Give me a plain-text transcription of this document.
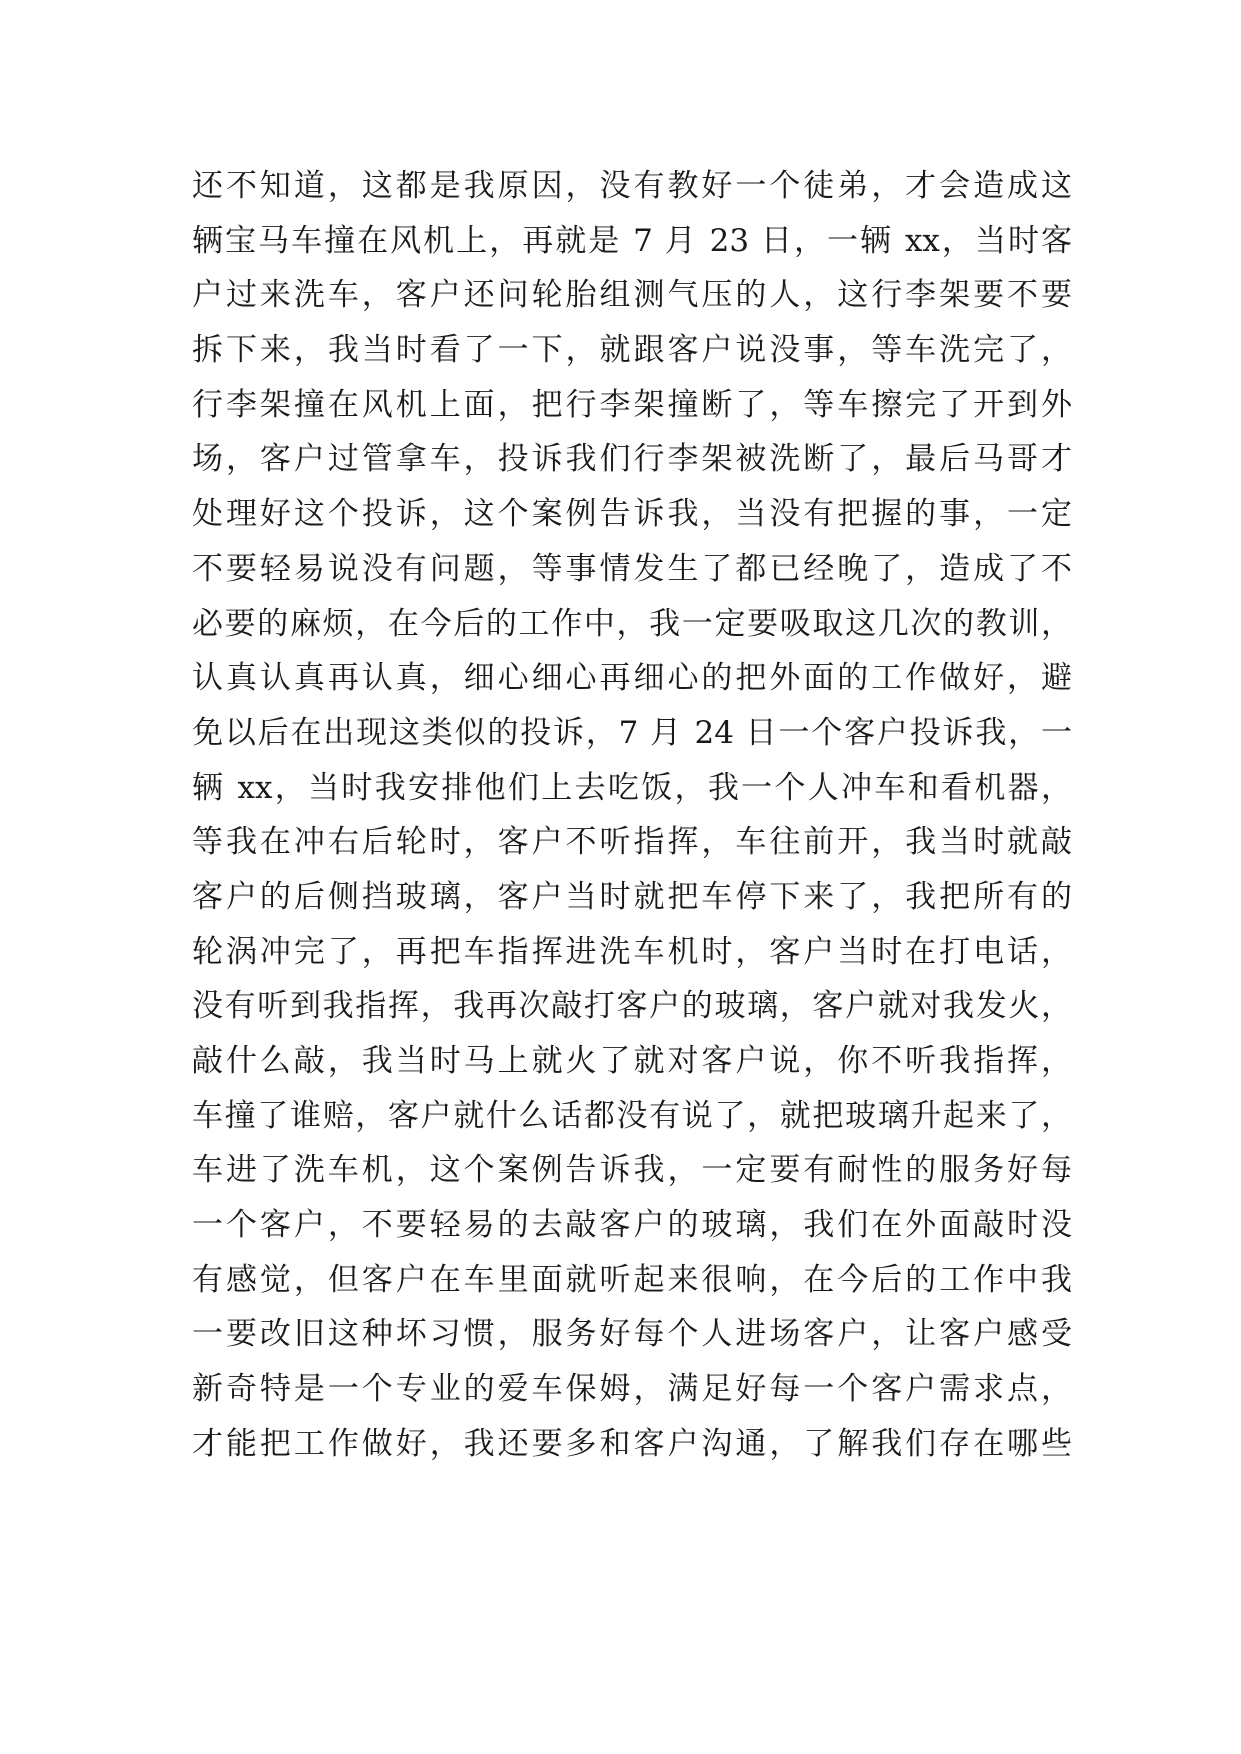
还不知道，这都是我原因，没有教好一个徒弟，才会造成这
辆宝马车撞在风机上，再就是 7 月 23 日，一辆 xx，当时客
户过来洗车，客户还问轮胎组测气压的人，这行李架要不要
拆下来，我当时看了一下，就跟客户说没事，等车洗完了，
行李架撞在风机上面，把行李架撞断了，等车擦完了开到外
场，客户过管拿车，投诉我们行李架被洗断了，最后马哥才
处理好这个投诉，这个案例告诉我，当没有把握的事，一定
不要轻易说没有问题，等事情发生了都已经晚了，造成了不
必要的麻烦，在今后的工作中，我一定要吸取这几次的教训，
认真认真再认真，细心细心再细心的把外面的工作做好，避
免以后在出现这类似的投诉，7 月 24 日一个客户投诉我，一
辆 xx，当时我安排他们上去吃饭，我一个人冲车和看机器，
等我在冲右后轮时，客户不听指挥，车往前开，我当时就敲
客户的后侧挡玻璃，客户当时就把车停下来了，我把所有的
轮涡冲完了，再把车指挥进洗车机时，客户当时在打电话，
没有听到我指挥，我再次敲打客户的玻璃，客户就对我发火，
敲什么敲，我当时马上就火了就对客户说，你不听我指挥，
车撞了谁赔，客户就什么话都没有说了，就把玻璃升起来了，
车进了洗车机，这个案例告诉我，一定要有耐性的服务好每
一个客户，不要轻易的去敲客户的玻璃，我们在外面敲时没
有感觉，但客户在车里面就听起来很响，在今后的工作中我
一要改旧这种坏习惯，服务好每个人进场客户，让客户感受
新奇特是一个专业的爱车保姆，满足好每一个客户需求点，
才能把工作做好，我还要多和客户沟通，了解我们存在哪些
